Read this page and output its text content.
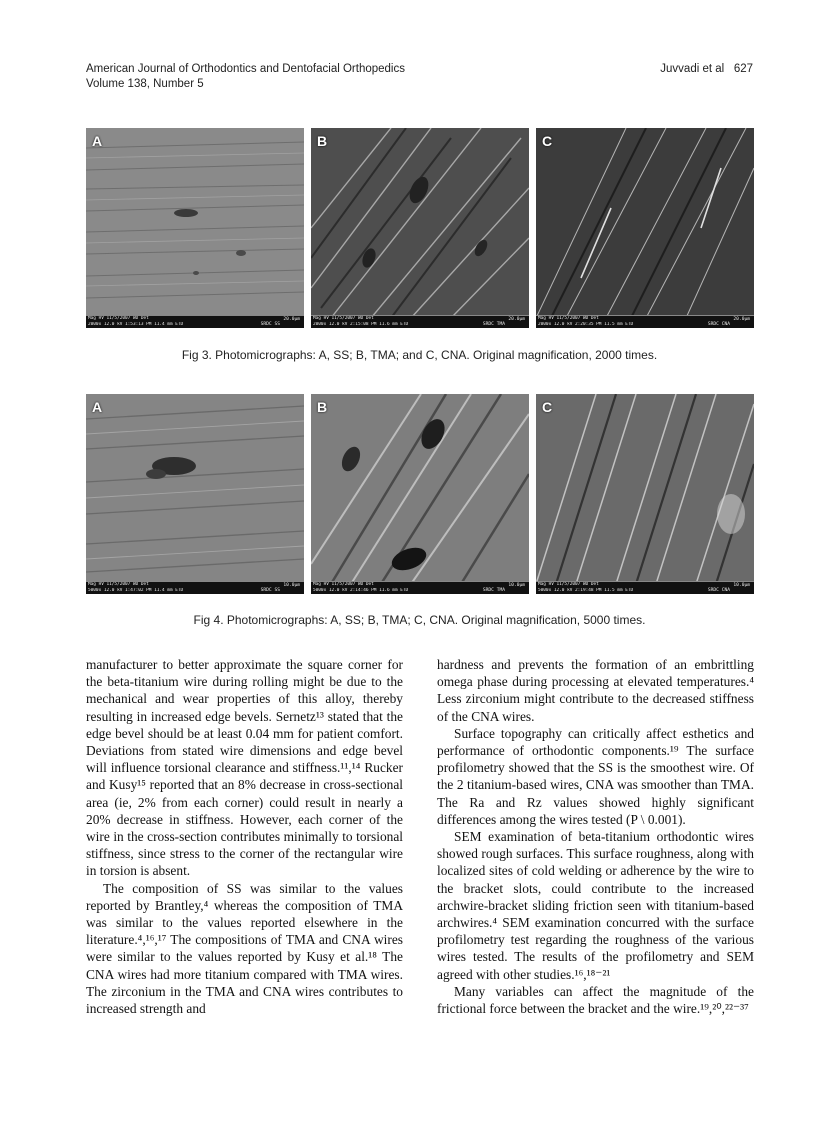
American Journal of Orthodontics and Dentofacial Orthopedics
Volume 138, Number 5
Juvvadi et al 627
A
Mag HV 11/5/2007 WD Det
2000x 12.0 kV 1:53:13 PM 11.4 mm ETD
20.0μm
SRDC SS
B
Mag HV 11/5/2007 WD Det
2000x 12.0 kV 2:15:08 PM 11.6 mm ETD
20.0μm
SRDC TMA
C
Mag HV 11/5/2007 WD Det
2000x 12.0 kV 2:20:35 PM 11.5 mm ETD
20.0μm
SRDC CNA
Fig 3. Photomicrographs: A, SS; B, TMA; and C, CNA. Original magnification, 2000 times.
A
Mag HV 11/5/2007 WD Det
5000x 12.0 kV 1:47:02 PM 11.4 mm ETD
10.0μm
SRDC SS
B
Mag HV 11/5/2007 WD Det
5000x 12.0 kV 2:14:46 PM 11.6 mm ETD
10.0μm
SRDC TMA
C
Mag HV 11/5/2007 WD Det
5000x 12.0 kV 2:19:48 PM 11.5 mm ETD
10.0μm
SRDC CNA
Fig 4. Photomicrographs: A, SS; B, TMA; C, CNA. Original magnification, 5000 times.

manufacturer to better approximate the square corner for the beta-titanium wire during rolling might be due to the mechanical and wear properties of this alloy, thereby resulting in increased edge bevels. Sernetz¹³ stated that the edge bevel should be at least 0.04 mm for patient comfort. Deviations from stated wire dimensions and edge bevel will influence torsional clearance and stiffness.¹¹,¹⁴ Rucker and Kusy¹⁵ reported that an 8% decrease in cross-sectional area (ie, 2% from each corner) could result in nearly a 20% decrease in stiffness. However, each corner of the wire in the cross-section contributes minimally to torsional stiffness, since stress to the corner of the rectangular wire in torsion is absent.

The composition of SS was similar to the values reported by Brantley,⁴ whereas the composition of TMA was similar to the values reported elsewhere in the literature.⁴,¹⁶,¹⁷ The compositions of TMA and CNA wires were similar to the values reported by Kusy et al.¹⁸ The CNA wires had more titanium compared with TMA wires. The zirconium in the TMA and CNA wires contributes to increased strength and

hardness and prevents the formation of an embrittling omega phase during processing at elevated temperatures.⁴ Less zirconium might contribute to the decreased stiffness of the CNA wires.

Surface topography can critically affect esthetics and performance of orthodontic components.¹⁹ The surface profilometry showed that the SS is the smoothest wire. Of the 2 titanium-based wires, CNA was smoother than TMA. The Ra and Rz values showed highly significant differences among the wires tested (P \ 0.001).

SEM examination of beta-titanium orthodontic wires showed rough surfaces. This surface roughness, along with localized sites of cold welding or adherence by the wire to the bracket slots, could contribute to the increased archwire-bracket sliding friction seen with titanium-based archwires.⁴ SEM examination concurred with the surface profilometry test regarding the roughness of the various wires tested. The results of the profilometry and SEM agreed with other studies.¹⁶,¹⁸⁻²¹

Many variables can affect the magnitude of the frictional force between the bracket and the wire.¹⁹,²⁰,²²⁻³⁷
